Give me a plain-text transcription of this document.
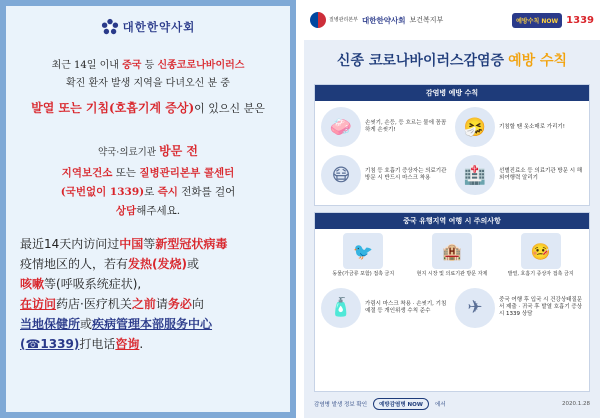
대한한약사회
최근 14일 이내 중국 등 신종코로나바이러스
확진 환자 발생 지역을 다녀오신 분 중
발열 또는 기침(호흡기계 증상)이 있으신 분은
약국·의료기관 방문 전
지역보건소 또는 질병관리본부 콜센터
(국번없이 1339)로 즉시 전화를 걸어
상담해주세요.
最近14天内访问过中国等新型冠状病毒
疫情地区的人，若有发热(发烧)或
咳嗽等(呼吸系统症状),
在访问药店·医疗机关之前请务必向
当地保健所或疾病管理本部服务中心
(☎1339)打电话咨询.
질병관리본부 대한한약사회 보건복지부	예방수칙 NOW 1339
신종 코로나바이러스감염증 예방 수칙
감염병 예방 수칙
🧼	손씻기, 손등, 등 흐르는 물에 꼼꼼하게 손씻기!	🤧	기침할 땐 옷소매로 가리기!
😷	기침 등 호흡기 증상자는 의료기관 방문 시 반드시 마스크 착용	🏥	선별진료소 등 의료기관 방문 시 해외여행력 알리기
중국 유행지역 여행 시 주의사항
🐦
동물(가금류 포함) 접촉 금지
🏨
현지 시장 및 의료기관 방문 자제
🤒
발열, 호흡기 증상자 접촉 금지
🧴	가림시 마스크 착용 · 손씻기, 기침예절 등 개인위생 수칙 준수	✈	중국 여행 후 입국 시 건강상태질문서 제출 · 귀국 후 발열 호흡기 증상 시 1339 상담
감염병 발생 정보 확인	예방감염병 NOW	에서	2020.1.28
